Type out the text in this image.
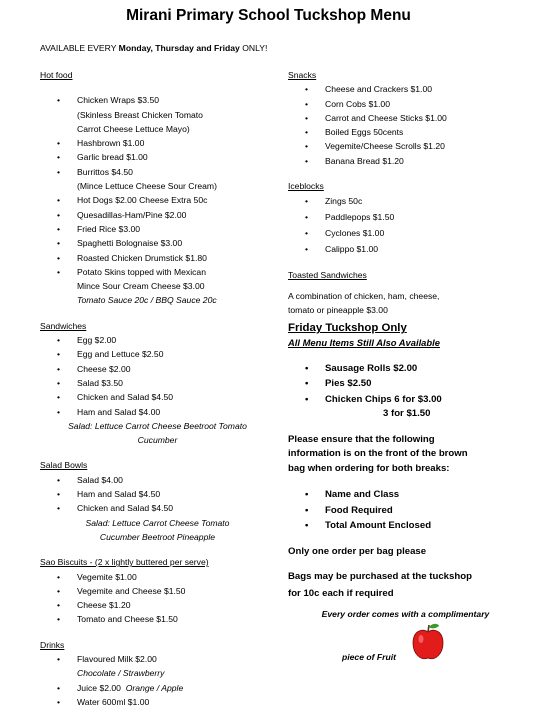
Mirani Primary School Tuckshop Menu
AVAILABLE EVERY Monday, Thursday and Friday ONLY!
Hot food
• Chicken Wraps $3.50
(Skinless Breast Chicken Tomato
Carrot Cheese Lettuce Mayo)
• Hashbrown $1.00
• Garlic bread $1.00
• Burrittos $4.50
(Mince Lettuce Cheese Sour Cream)
• Hot Dogs $2.00 Cheese Extra 50c
• Quesadillas-Ham/Pine $2.00
• Fried Rice $3.00
• Spaghetti Bolognaise $3.00
• Roasted Chicken Drumstick $1.80
• Potato Skins topped with Mexican
Mince Sour Cream Cheese $3.00
Tomato Sauce 20c / BBQ Sauce 20c
Sandwiches
• Egg $2.00
• Egg and Lettuce $2.50
• Cheese $2.00
• Salad $3.50
• Chicken and Salad $4.50
• Ham and Salad $4.00
Salad: Lettuce Carrot Cheese Beetroot Tomato
Cucumber
Salad Bowls
• Salad $4.00
• Ham and Salad $4.50
• Chicken and Salad $4.50
Salad: Lettuce Carrot Cheese Tomato
Cucumber Beetroot Pineapple
Sao Biscuits - (2 x lightly buttered per serve)
• Vegemite $1.00
• Vegemite and Cheese $1.50
• Cheese $1.20
• Tomato and Cheese $1.50
Drinks
• Flavoured Milk $2.00
Chocolate / Strawberry
• Juice $2.00 Orange / Apple
• Water 600ml $1.00
Snacks
• Cheese and Crackers $1.00
• Corn Cobs $1.00
• Carrot and Cheese Sticks $1.00
• Boiled Eggs 50cents
• Vegemite/Cheese Scrolls $1.20
• Banana Bread $1.20
Iceblocks
• Zings 50c
• Paddlepops $1.50
• Cyclones $1.00
• Calippo $1.00
Toasted Sandwiches
A combination of chicken, ham, cheese,
tomato or pineapple $3.00
Friday Tuckshop Only
All Menu Items Still Also Available
• Sausage Rolls $2.00
• Pies $2.50
• Chicken Chips 6 for $3.00
3 for $1.50
Please ensure that the following
information is on the front of the brown
bag when ordering for both breaks:
• Name and Class
• Food Required
• Total Amount Enclosed
Only one order per bag please
Bags may be purchased at the tuckshop
for 10c each if required
Every order comes with a complimentary
piece of Fruit
